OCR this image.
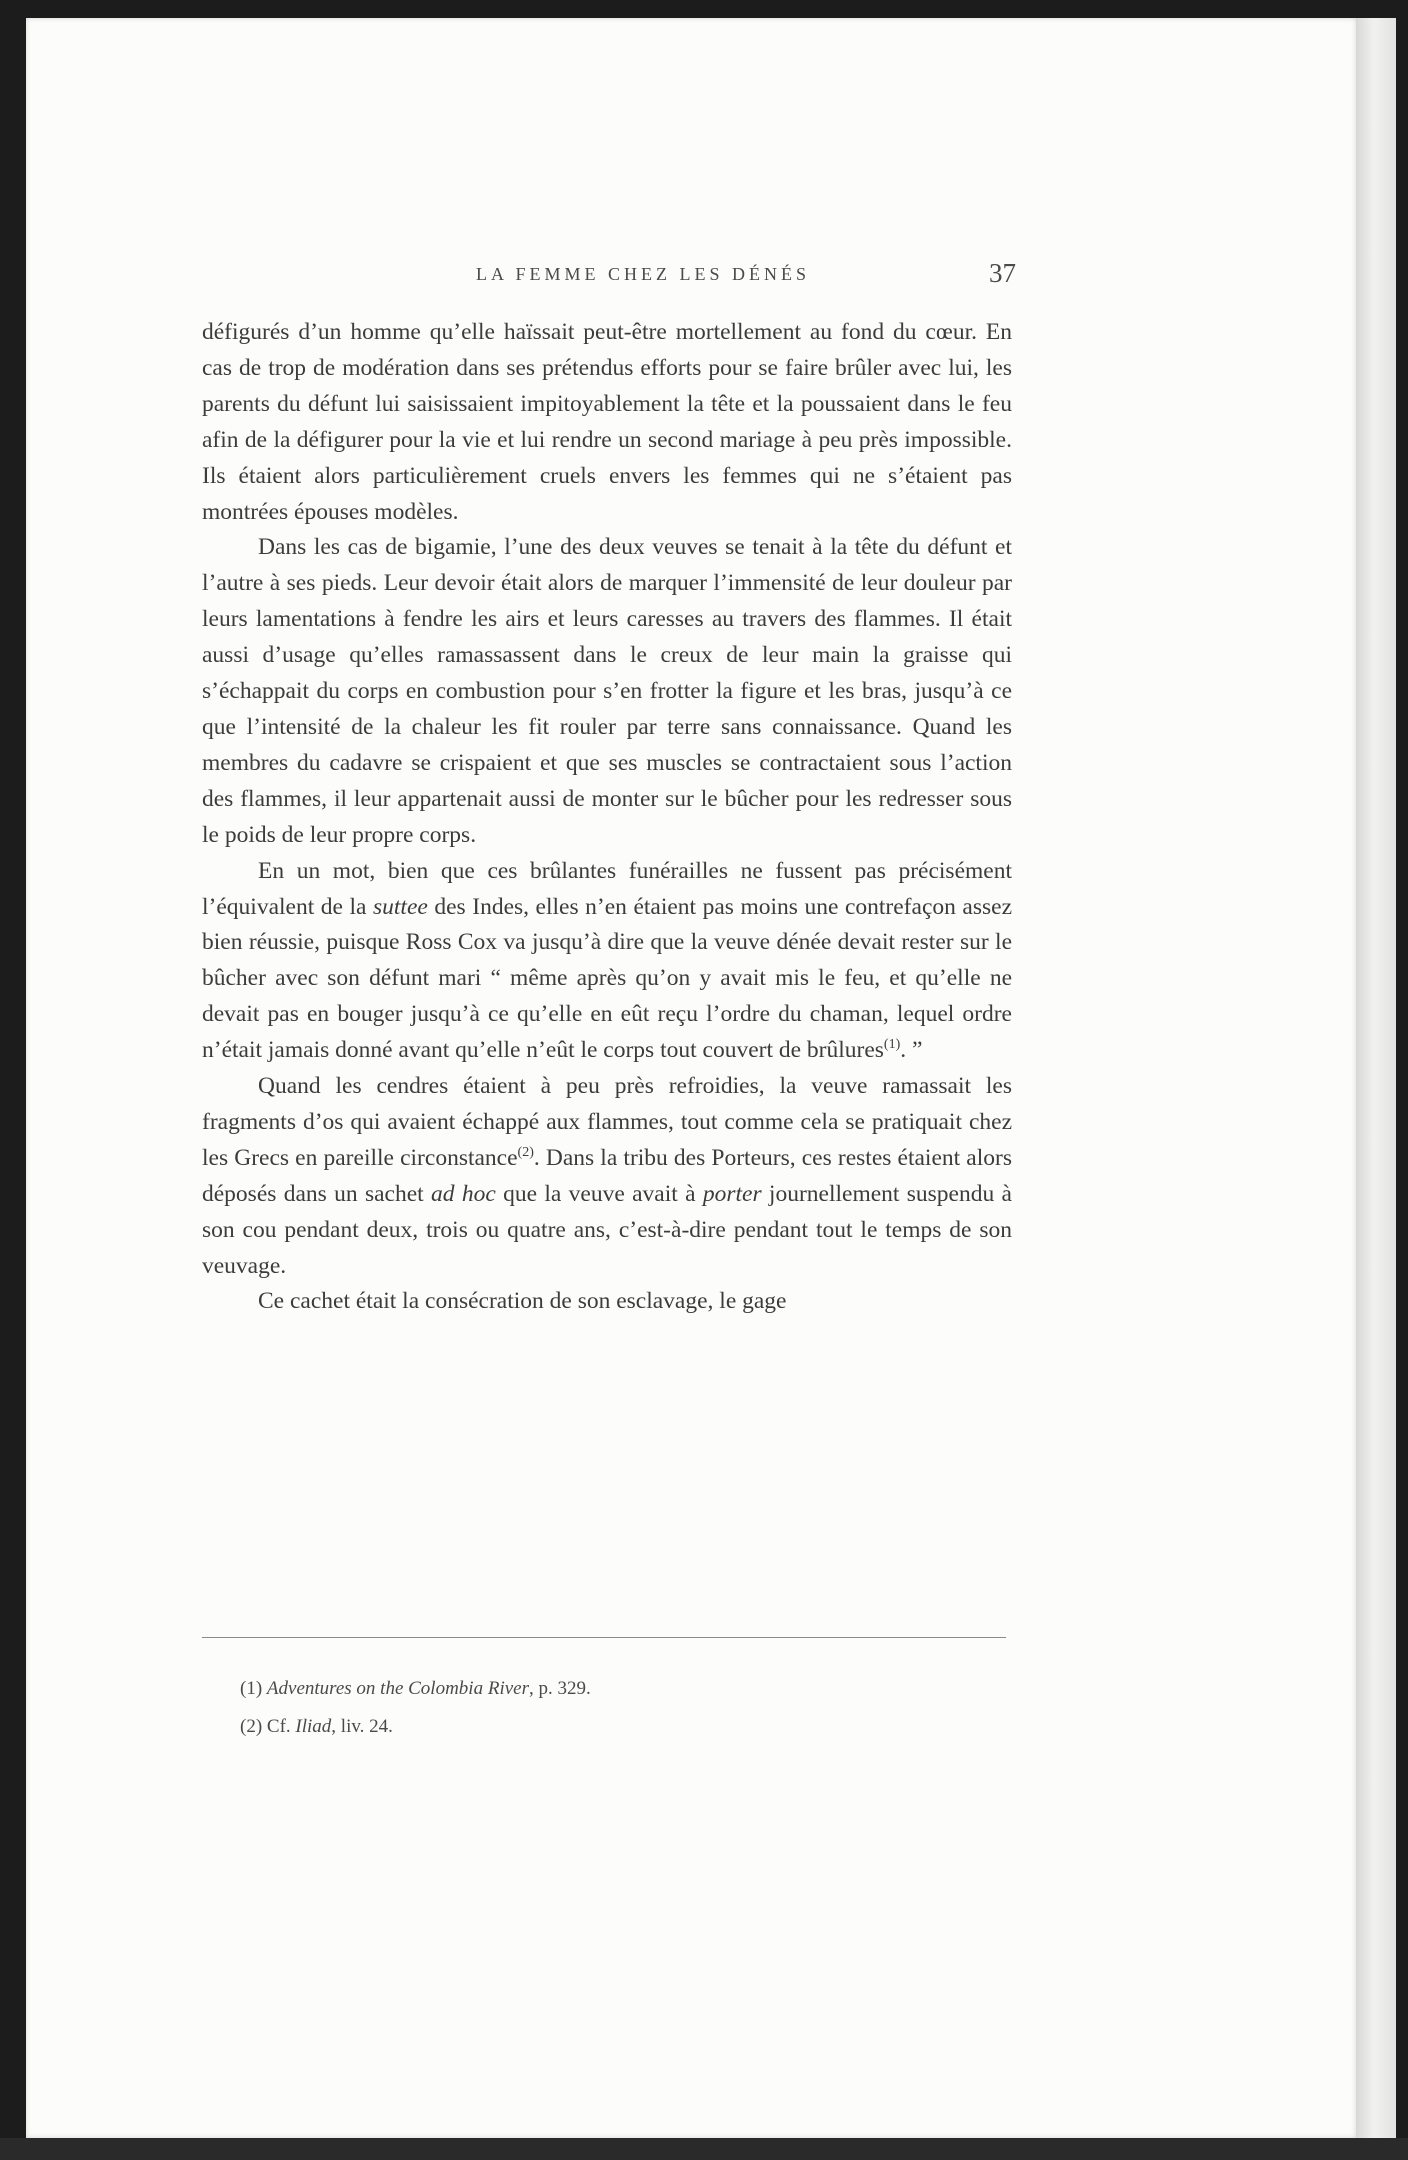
LA FEMME CHEZ LES DÉNÉS	37

défigurés d’un homme qu’elle haïssait peut-être mortellement au fond du cœur. En cas de trop de modération dans ses prétendus efforts pour se faire brûler avec lui, les parents du défunt lui saisissaient impitoyablement la tête et la poussaient dans le feu afin de la défigurer pour la vie et lui rendre un second mariage à peu près impossible. Ils étaient alors particulièrement cruels envers les femmes qui ne s’étaient pas montrées épouses modèles.

Dans les cas de bigamie, l’une des deux veuves se tenait à la tête du défunt et l’autre à ses pieds. Leur devoir était alors de marquer l’immensité de leur douleur par leurs lamentations à fendre les airs et leurs caresses au travers des flammes. Il était aussi d’usage qu’elles ramassassent dans le creux de leur main la graisse qui s’échappait du corps en combustion pour s’en frotter la figure et les bras, jusqu’à ce que l’intensité de la chaleur les fit rouler par terre sans connaissance. Quand les membres du cadavre se crispaient et que ses muscles se contractaient sous l’action des flammes, il leur appartenait aussi de monter sur le bûcher pour les redresser sous le poids de leur propre corps.

En un mot, bien que ces brûlantes funérailles ne fussent pas précisément l’équivalent de la suttee des Indes, elles n’en étaient pas moins une contrefaçon assez bien réussie, puisque Ross Cox va jusqu’à dire que la veuve dénée devait rester sur le bûcher avec son défunt mari “ même après qu’on y avait mis le feu, et qu’elle ne devait pas en bouger jusqu’à ce qu’elle en eût reçu l’ordre du chaman, lequel ordre n’était jamais donné avant qu’elle n’eût le corps tout couvert de brûlures$^{(1)}$. ”

Quand les cendres étaient à peu près refroidies, la veuve ramassait les fragments d’os qui avaient échappé aux flammes, tout comme cela se pratiquait chez les Grecs en pareille circonstance$^{(2)}$. Dans la tribu des Porteurs, ces restes étaient alors déposés dans un sachet ad hoc que la veuve avait à porter journellement suspendu à son cou pendant deux, trois ou quatre ans, c’est-à-dire pendant tout le temps de son veuvage.

Ce cachet était la consécration de son esclavage, le gage

(1) Adventures on the Colombia River, p. 329.
(2) Cf. Iliad, liv. 24.
